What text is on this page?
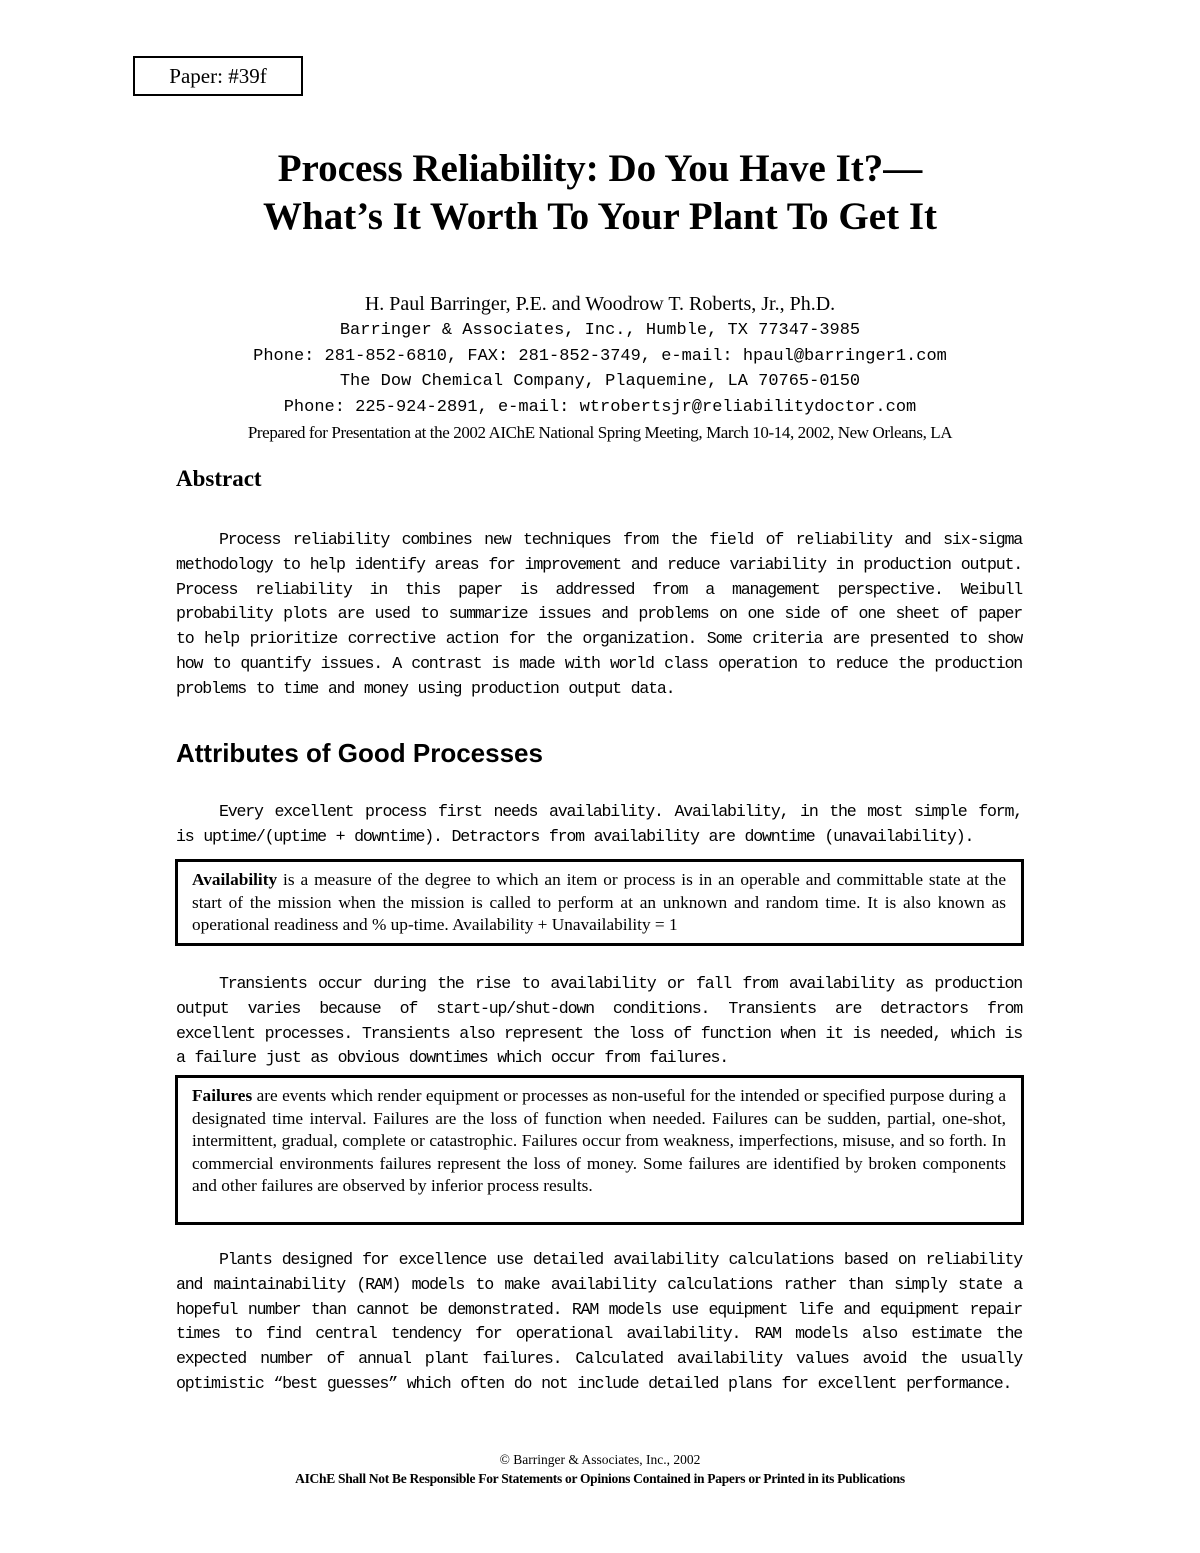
Paper: #39f
Process Reliability: Do You Have It?—
What’s It Worth To Your Plant To Get It
H. Paul Barringer, P.E. and Woodrow T. Roberts, Jr., Ph.D.
Barringer & Associates, Inc., Humble, TX 77347-3985
Phone: 281-852-6810, FAX: 281-852-3749, e-mail: hpaul@barringer1.com
The Dow Chemical Company, Plaquemine, LA 70765-0150
Phone: 225-924-2891, e-mail: wtrobertsjr@reliabilitydoctor.com
Prepared for Presentation at the 2002 AIChE National Spring Meeting, March 10-14, 2002, New Orleans, LA
Abstract
Process reliability combines new techniques from the field of reliability and six-sigma methodology to help identify areas for improvement and reduce variability in production output. Process reliability in this paper is addressed from a management perspective. Weibull probability plots are used to summarize issues and problems on one side of one sheet of paper to help prioritize corrective action for the organization. Some criteria are presented to show how to quantify issues. A contrast is made with world class operation to reduce the production problems to time and money using production output data.
Attributes of Good Processes
Every excellent process first needs availability. Availability, in the most simple form, is uptime/(uptime + downtime). Detractors from availability are downtime (unavailability).
Availability is a measure of the degree to which an item or process is in an operable and committable state at the start of the mission when the mission is called to perform at an unknown and random time. It is also known as operational readiness and % up-time. Availability + Unavailability = 1
Transients occur during the rise to availability or fall from availability as production output varies because of start-up/shut-down conditions. Transients are detractors from excellent processes. Transients also represent the loss of function when it is needed, which is a failure just as obvious downtimes which occur from failures.
Failures are events which render equipment or processes as non-useful for the intended or specified purpose during a designated time interval. Failures are the loss of function when needed. Failures can be sudden, partial, one-shot, intermittent, gradual, complete or catastrophic. Failures occur from weakness, imperfections, misuse, and so forth. In commercial environments failures represent the loss of money. Some failures are identified by broken components and other failures are observed by inferior process results.
Plants designed for excellence use detailed availability calculations based on reliability and maintainability (RAM) models to make availability calculations rather than simply state a hopeful number than cannot be demonstrated. RAM models use equipment life and equipment repair times to find central tendency for operational availability. RAM models also estimate the expected number of annual plant failures. Calculated availability values avoid the usually optimistic “best guesses” which often do not include detailed plans for excellent performance.
© Barringer & Associates, Inc., 2002
AIChE Shall Not Be Responsible For Statements or Opinions Contained in Papers or Printed in its Publications
